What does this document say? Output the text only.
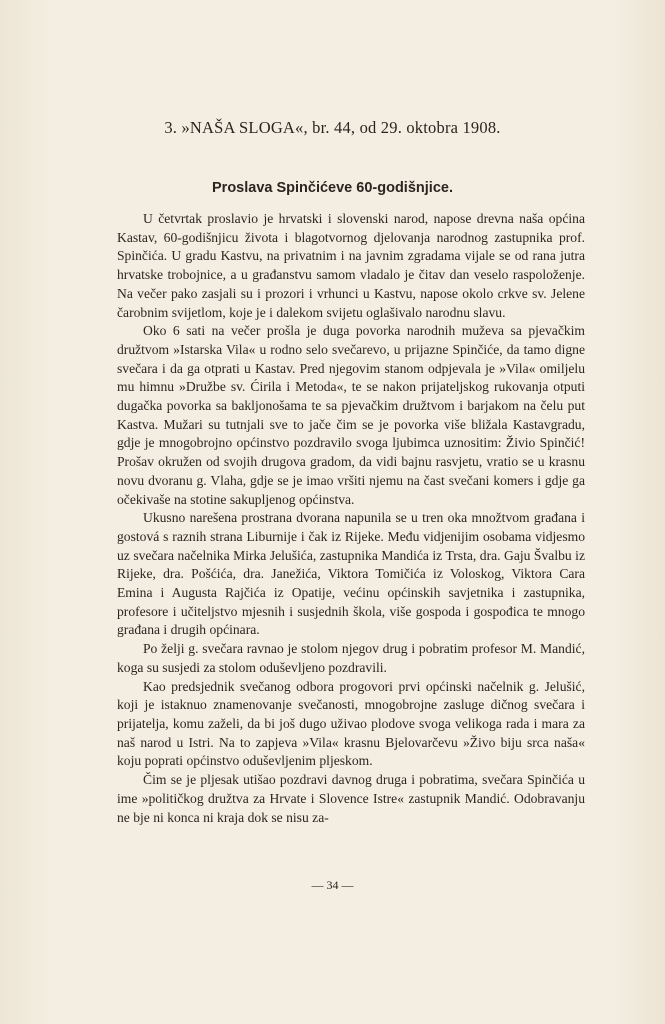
3. »NAŠA SLOGA«, br. 44, od 29. oktobra 1908.
Proslava Spinčićeve 60-godišnjice.

U četvrtak proslavio je hrvatski i slovenski narod, napose drevna naša općina Kastav, 60-godišnjicu života i blagotvornog djelovanja narodnog zastupnika prof. Spinčića. U gradu Kastvu, na privatnim i na javnim zgradama vijale se od rana jutra hrvatske trobojnice, a u građanstvu samom vladalo je čitav dan veselo raspoloženje. Na večer pako zasjali su i prozori i vrhunci u Kastvu, napose okolo crkve sv. Jelene čarobnim svijetlom, koje je i dalekom svijetu oglašivalo narodnu slavu.

Oko 6 sati na večer prošla je duga povorka narodnih muževa sa pjevačkim družtvom »Istarska Vila« u rodno selo svečarevo, u prijazne Spinčiće, da tamo digne svečara i da ga otprati u Kastav. Pred njegovim stanom odpjevala je »Vila« omiljelu mu himnu »Družbe sv. Ćirila i Metoda«, te se nakon prijateljskog rukovanja otputi dugačka povorka sa baklјonošama te sa pjevačkim družtvom i barjakom na čelu put Kastva. Mužari su tutnjali sve to jače čim se je povorka više bližala Kastavgradu, gdje je mnogobrojno općinstvo pozdravilo svoga ljubimca uznositim: Živio Spinčić! Prošav okružen od svojih drugova gradom, da vidi bajnu rasvjetu, vratio se u krasnu novu dvoranu g. Vlaha, gdje se je imao vršiti njemu na čast svečani komers i gdje ga očekivaše na stotine sakupljenog općinstva.

Ukusno narešena prostrana dvorana napunila se u tren oka množtvom građana i gostová s raznih strana Liburnije i čak iz Rijeke. Među vidjenijim osobama vidjesmo uz svečara načelnika Mirka Jelušića, zastupnika Mandića iz Trsta, dra. Gaju Švalbu iz Rijeke, dra. Pošćića, dra. Janežića, Viktora Tomičića iz Voloskog, Viktora Cara Emina i Augusta Rajčića iz Opatije, većinu općinskih savjetnika i zastupnika, profesore i učiteljstvo mjesnih i susjednih škola, više gospoda i gospođica te mnogo građana i drugih općinara.

Po želji g. svečara ravnao je stolom njegov drug i pobratim profesor M. Mandić, koga su susjedi za stolom oduševljeno pozdravili.

Kao predsjednik svečanog odbora progovori prvi općinski načelnik g. Jelušić, koji je istaknuo znamenovanje svečanosti, mnogobrojne zasluge dičnog svečara i prijatelja, komu zaželi, da bi još dugo uživao plodove svoga velikoga rada i mara za naš narod u Istri. Na to zapjeva »Vila« krasnu Bjelovarčevu »Živo biju srca naša« koju poprati općinstvo oduševljenim pljeskom.

Čim se je pljesak utišao pozdravi davnog druga i pobratima, svečara Spinčića u ime »političkog družtva za Hrvate i Slovence Istre« zastupnik Mandić. Odobravanju ne bje ni konca ni kraja dok se nisu za-

— 34 —
